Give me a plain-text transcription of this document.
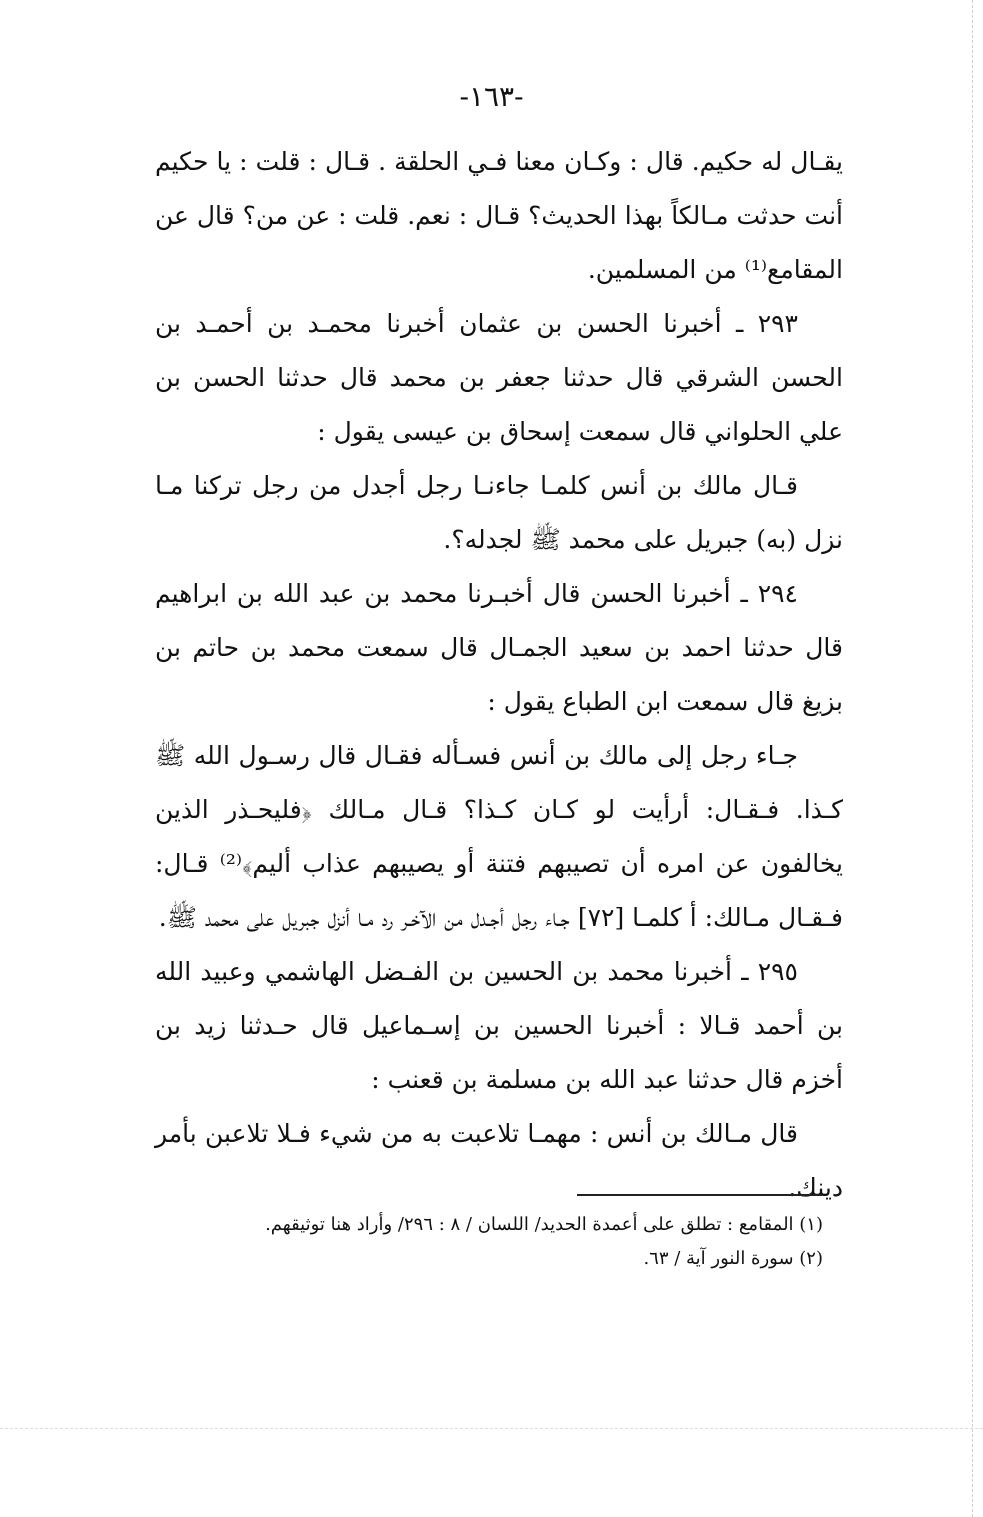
-١٦٣-

يقـال له حكيم. قال : وكـان معنا فـي الحلقة . قـال : قلت : يا حكيم أنت حدثت مـالكاً بهذا الحديث؟ قـال : نعم. قلت : عن من؟ قال عن المقامع⁽¹⁾ من المسلمين.

٢٩٣ ـ أخبرنا الحسن بن عثمان أخبرنا محمـد بن أحمـد بن الحسن الشرقي قال حدثنا جعفر بن محمد قال حدثنا الحسن بن علي الحلواني قال سمعت إسحاق بن عيسى يقول :

قـال مالك بن أنس كلمـا جاءنـا رجل أجدل من رجل تركنا مـا نزل (به) جبريل على محمد ﷺ لجدله؟.

٢٩٤ ـ أخبرنا الحسن قال أخبـرنا محمد بن عبد الله بن ابراهيم قال حدثنا احمد بن سعيد الجمـال قال سمعت محمد بن حاتم بن بزيغ قال سمعت ابن الطباع يقول :

جـاء رجل إلى مالك بن أنس فسـأله فقـال قال رسـول الله ﷺ كـذا. فـقـال: أرأيت لو كـان كـذا؟ قـال مـالك ﴿فليحـذر الذين يخالفون عن امره أن تصيبهم فتنة أو يصيبهم عذاب أليم﴾⁽²⁾ قـال: فـقـال مـالك: أ كلمـا [٧٢] جـاء رجل أجـدل من الآخـر رد مـا أنزل جبريل على محمد ﷺ.

٢٩٥ ـ أخبرنا محمد بن الحسين بن الفـضل الهاشمي وعبيد الله بن أحمد قـالا : أخبرنا الحسين بن إسـماعيل قال حـدثنا زيد بن أخزم قال حدثنا عبد الله بن مسلمة بن قعنب :

قال مـالك بن أنس : مهمـا تلاعبت به من شيء فـلا تلاعبن بأمر دينك.

(١) المقامع : تطلق على أعمدة الحديد/ اللسان / ٨ : ٢٩٦/ وأراد هنا توثيقهم.

(٢) سورة النور آية / ٦٣.
